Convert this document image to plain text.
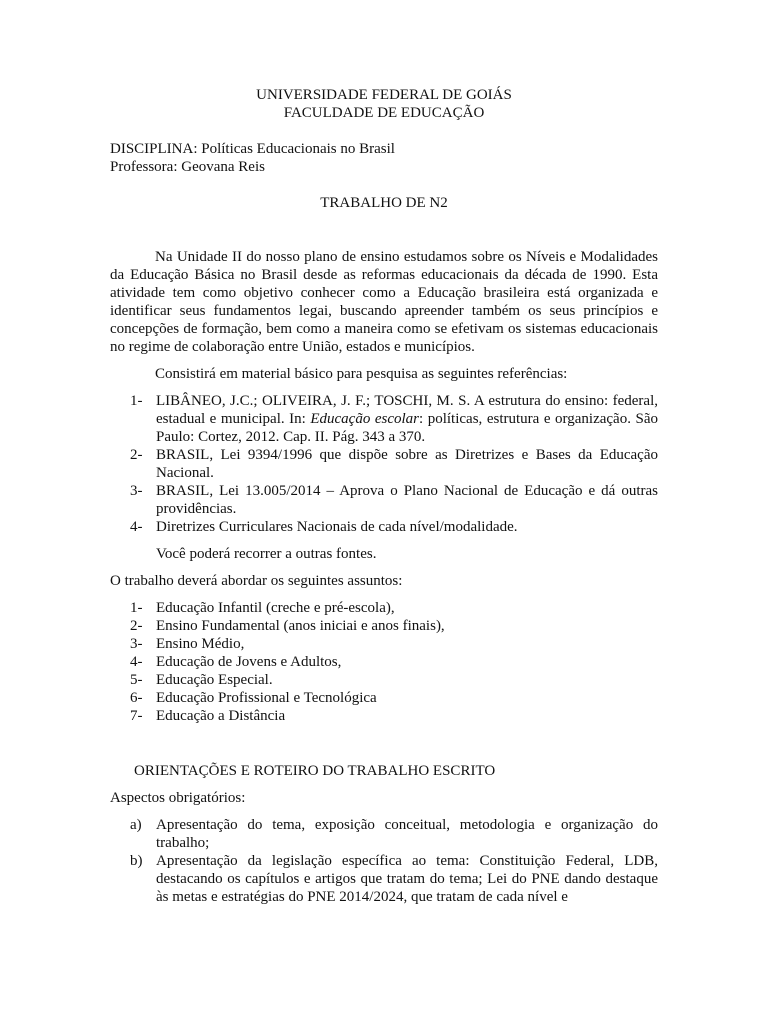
UNIVERSIDADE FEDERAL DE GOIÁS
FACULDADE DE EDUCAÇÃO
DISCIPLINA: Políticas Educacionais no Brasil
Professora: Geovana Reis
TRABALHO DE N2
Na Unidade II do nosso plano de ensino estudamos sobre os Níveis e Modalidades da Educação Básica no Brasil desde as reformas educacionais da década de 1990. Esta atividade tem como objetivo conhecer como a Educação brasileira está organizada e identificar seus fundamentos legai, buscando apreender também os seus princípios e concepções de formação, bem como a maneira como se efetivam os sistemas educacionais no regime de colaboração entre União, estados e municípios.
Consistirá em material básico para pesquisa as seguintes referências:
1- LIBÂNEO, J.C.; OLIVEIRA, J. F.; TOSCHI, M. S. A estrutura do ensino: federal, estadual e municipal. In: Educação escolar: políticas, estrutura e organização. São Paulo: Cortez, 2012. Cap. II. Pág. 343 a 370.
2- BRASIL, Lei 9394/1996 que dispõe sobre as Diretrizes e Bases da Educação Nacional.
3- BRASIL, Lei 13.005/2014 – Aprova o Plano Nacional de Educação e dá outras providências.
4- Diretrizes Curriculares Nacionais de cada nível/modalidade.
Você poderá recorrer a outras fontes.
O trabalho deverá abordar os seguintes assuntos:
1- Educação Infantil (creche e pré-escola),
2- Ensino Fundamental (anos iniciai e anos finais),
3- Ensino Médio,
4- Educação de Jovens e Adultos,
5- Educação Especial.
6- Educação Profissional e Tecnológica
7- Educação a Distância
ORIENTAÇÕES E ROTEIRO DO TRABALHO ESCRITO
Aspectos obrigatórios:
a) Apresentação do tema, exposição conceitual, metodologia e organização do trabalho;
b) Apresentação da legislação específica ao tema: Constituição Federal, LDB, destacando os capítulos e artigos que tratam do tema; Lei do PNE dando destaque às metas e estratégias do PNE 2014/2024, que tratam de cada nível e
